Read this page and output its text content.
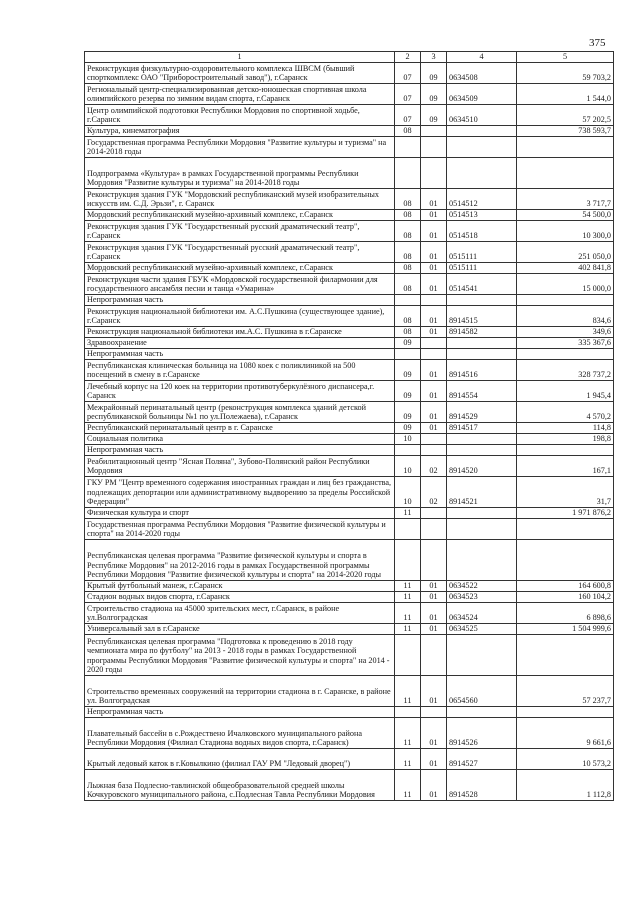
375
1	2	3	4	5
Реконструкция физкультурно-оздоровительного комплекса ШВСМ (бывший спорткомплекс ОАО "Приборостроительный завод"), г.Саранск	07	09	0634508	59 703,2
Региональный центр-специализированная детско-юношеская спортивная школа олимпийского резерва по зимним видам спорта, г.Саранск	07	09	0634509	1 544,0
Центр олимпийской подготовки Республики Мордовия по спортивной ходьбе, г.Саранск	07	09	0634510	57 202,5
Культура, кинематография	08			738 593,7
Государственная программа Республики Мордовия "Развитие культуры и туризма" на 2014-2018 годы				
Подпрограмма «Культура» в рамках Государственной программы Республики Мордовия "Развитие культуры и туризма" на 2014-2018 годы				
Реконструкция здания ГУК "Мордовский республиканский музей изобразительных искусств им. С.Д. Эрьзи", г. Саранск	08	01	0514512	3 717,7
Мордовский республиканский музейно-архивный комплекс, г.Саранск	08	01	0514513	54 500,0
Реконструкция здания ГУК "Государственный русский драматический театр", г.Саранск	08	01	0514518	10 300,0
Реконструкция здания ГУК "Государственный русский драматический театр", г.Саранск	08	01	0515111	251 050,0
Мордовский республиканский музейно-архивный комплекс, г.Саранск	08	01	0515111	402 841,8
Реконструкция части здания ГБУК «Мордовской государственной филармонии для государственного ансамбля песни и танца «Умарина»	08	01	0514541	15 000,0
Непрограммная часть				
Реконструкция национальной библиотеки им. А.С.Пушкина (существующее здание), г.Саранск	08	01	8914515	834,6
Реконструкция национальной библиотеки им.А.С. Пушкина в г.Саранске	08	01	8914582	349,6
Здравоохранение	09			335 367,6
Непрограммная часть				
Республиканская клиническая больница на 1080 коек с поликлиникой на 500 посещений в смену в г.Саранске	09	01	8914516	328 737,2
Лечебный корпус на 120 коек на территории противотуберкулёзного диспансера,г. Саранск	09	01	8914554	1 945,4
Межрайонный перинатальный центр (реконструкция комплекса зданий детской республиканской больницы №1 по ул.Полежаева), г.Саранск	09	01	8914529	4 570,2
Республиканский перинатальный центр в г. Саранске	09	01	8914517	114,8
Социальная политика	10			198,8
Непрограммная часть				
Реабилитационный центр "Ясная Поляна", Зубово-Полянский район Республики Мордовия	10	02	8914520	167,1
ГКУ РМ "Центр временного содержания иностранных граждан и лиц без гражданства, подлежащих депортации или административному выдворению за пределы Российской Федерации"	10	02	8914521	31,7
Физическая культура и спорт	11			1 971 876,2
Государственная программа Республики Мордовия "Развитие физической культуры и спорта" на 2014-2020 годы				
Республиканская целевая программа "Развитие физической культуры и спорта в Республике Мордовия" на 2012-2016 годы в рамках Государственной программы Республики Мордовия "Развитие физической культуры и спорта" на 2014-2020 годы				
Крытый футбольный манеж, г.Саранск	11	01	0634522	164 600,8
Стадион водных видов спорта, г.Саранск	11	01	0634523	160 104,2
Строительство стадиона на 45000 зрительских мест, г.Саранск, в районе ул.Волгоградская	11	01	0634524	6 898,6
Универсальный зал в г.Саранске	11	01	0634525	1 504 999,6
Республиканская целевая программа "Подготовка к проведению в 2018 году чемпионата мира по футболу" на 2013 - 2018 годы в рамках Государственной программы Республики Мордовия "Развитие физической культуры и спорта" на 2014 - 2020 годы				
Строительство временных сооружений на территории стадиона в г. Саранске, в районе ул. Волгоградская	11	01	0654560	57 237,7
Непрограммная часть				
Плавательный бассейн в с.Рождествено Ичалковского муниципального района Республики Мордовия (Филиал Стадиона водных видов спорта, г.Саранск)	11	01	8914526	9 661,6
Крытый ледовый каток в г.Ковылкино (филиал ГАУ РМ "Ледовый дворец")	11	01	8914527	10 573,2
Лыжная база Подлесно-тавлинской общеобразовательной средней школы Кочкуровского муниципального района, с.Подлесная Тавла Республики Мордовия	11	01	8914528	1 112,8
